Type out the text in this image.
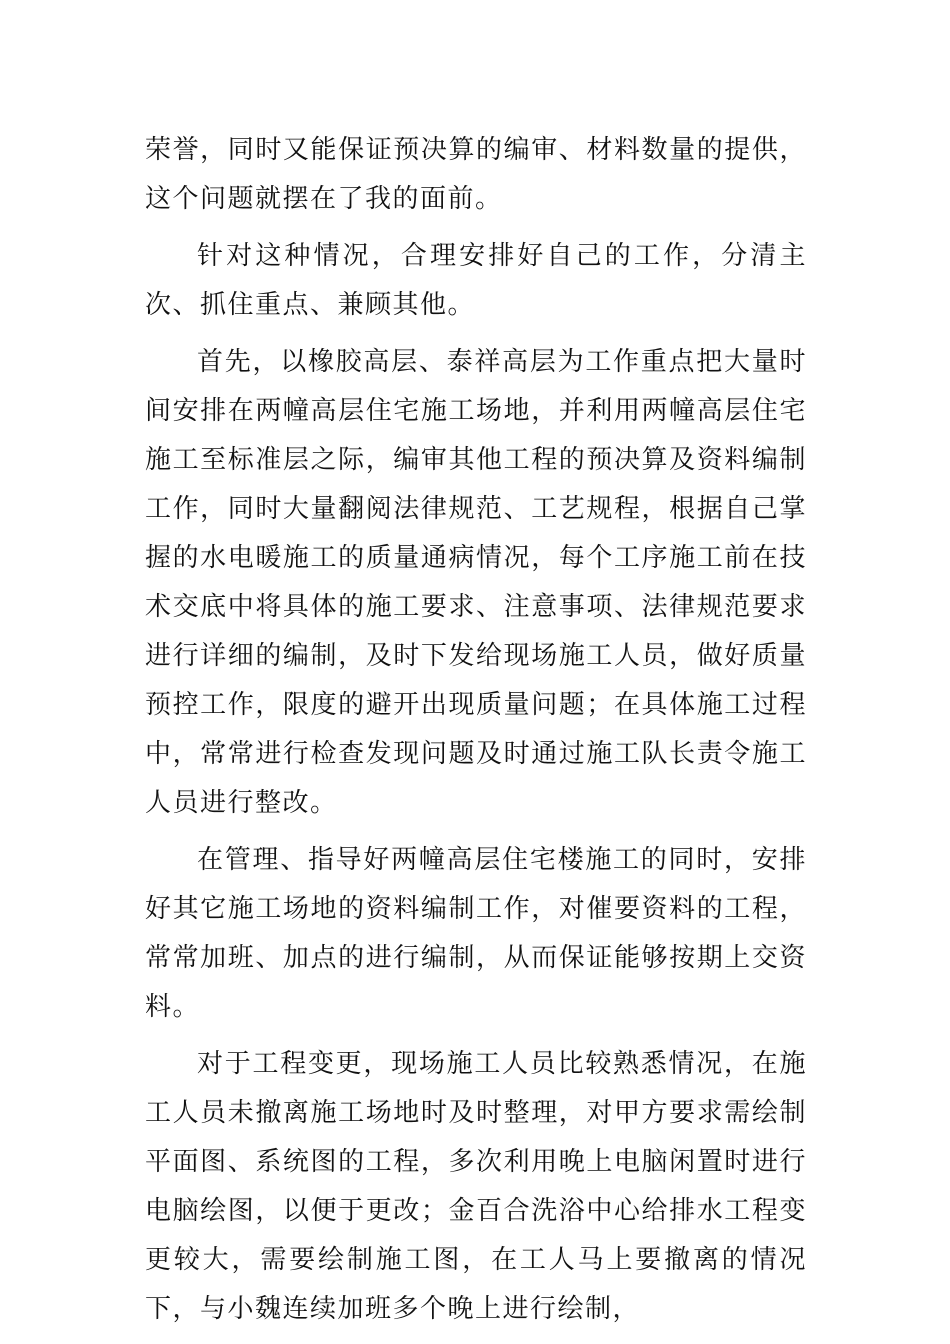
荣誉，同时又能保证预决算的编审、材料数量的提供，这个问题就摆在了我的面前。

针对这种情况，合理安排好自己的工作，分清主次、抓住重点、兼顾其他。

首先，以橡胶高层、泰祥高层为工作重点把大量时间安排在两幢高层住宅施工场地，并利用两幢高层住宅施工至标准层之际，编审其他工程的预决算及资料编制工作，同时大量翻阅法律规范、工艺规程，根据自己掌握的水电暖施工的质量通病情况，每个工序施工前在技术交底中将具体的施工要求、注意事项、法律规范要求进行详细的编制，及时下发给现场施工人员，做好质量预控工作，限度的避开出现质量问题；在具体施工过程中，常常进行检查发现问题及时通过施工队长责令施工人员进行整改。

在管理、指导好两幢高层住宅楼施工的同时，安排好其它施工场地的资料编制工作，对催要资料的工程，常常加班、加点的进行编制，从而保证能够按期上交资料。

对于工程变更，现场施工人员比较熟悉情况，在施工人员未撤离施工场地时及时整理，对甲方要求需绘制平面图、系统图的工程，多次利用晚上电脑闲置时进行电脑绘图，以便于更改；金百合洗浴中心给排水工程变更较大，需要绘制施工图，在工人马上要撤离的情况下，与小魏连续加班多个晚上进行绘制，
